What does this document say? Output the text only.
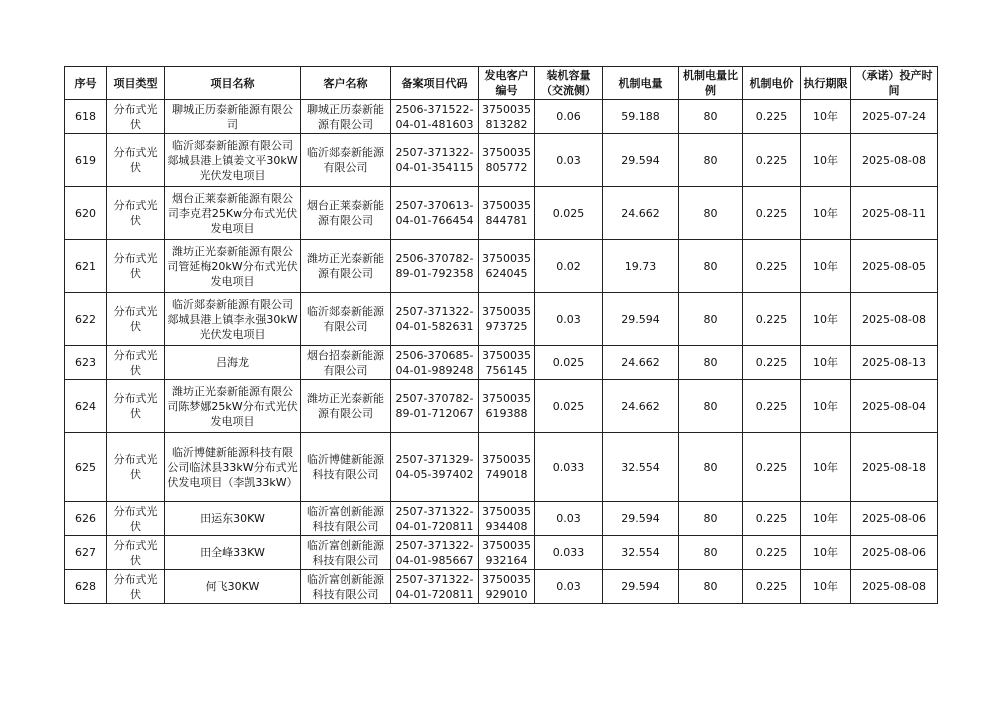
序号	项目类型	项目名称	客户名称	备案项目代码	发电客户编号	装机容量（交流侧）	机制电量	机制电量比例	机制电价	执行期限	（承诺）投产时间
618	分布式光伏	聊城正历泰新能源有限公司	聊城正历泰新能源有限公司	2506-371522-04-01-481603	3750035813282	0.06	59.188	80	0.225	10年	2025-07-24
619	分布式光伏	临沂郯泰新能源有限公司郯城县港上镇姜文平30kW光伏发电项目	临沂郯泰新能源有限公司	2507-371322-04-01-354115	3750035805772	0.03	29.594	80	0.225	10年	2025-08-08
620	分布式光伏	烟台正莱泰新能源有限公司李克君25Kw分布式光伏发电项目	烟台正莱泰新能源有限公司	2507-370613-04-01-766454	3750035844781	0.025	24.662	80	0.225	10年	2025-08-11
621	分布式光伏	潍坊正光泰新能源有限公司管延梅20kW分布式光伏发电项目	潍坊正光泰新能源有限公司	2506-370782-89-01-792358	3750035624045	0.02	19.73	80	0.225	10年	2025-08-05
622	分布式光伏	临沂郯泰新能源有限公司郯城县港上镇李永强30kW光伏发电项目	临沂郯泰新能源有限公司	2507-371322-04-01-582631	3750035973725	0.03	29.594	80	0.225	10年	2025-08-08
623	分布式光伏	吕海龙	烟台招泰新能源有限公司	2506-370685-04-01-989248	3750035756145	0.025	24.662	80	0.225	10年	2025-08-13
624	分布式光伏	潍坊正光泰新能源有限公司陈梦娜25kW分布式光伏发电项目	潍坊正光泰新能源有限公司	2507-370782-89-01-712067	3750035619388	0.025	24.662	80	0.225	10年	2025-08-04
625	分布式光伏	临沂博健新能源科技有限公司临沭县33kW分布式光伏发电项目（李凯33kW）	临沂博健新能源科技有限公司	2507-371329-04-05-397402	3750035749018	0.033	32.554	80	0.225	10年	2025-08-18
626	分布式光伏	田运东30KW	临沂富创新能源科技有限公司	2507-371322-04-01-720811	3750035934408	0.03	29.594	80	0.225	10年	2025-08-06
627	分布式光伏	田全峰33KW	临沂富创新能源科技有限公司	2507-371322-04-01-985667	3750035932164	0.033	32.554	80	0.225	10年	2025-08-06
628	分布式光伏	何飞30KW	临沂富创新能源科技有限公司	2507-371322-04-01-720811	3750035929010	0.03	29.594	80	0.225	10年	2025-08-08
